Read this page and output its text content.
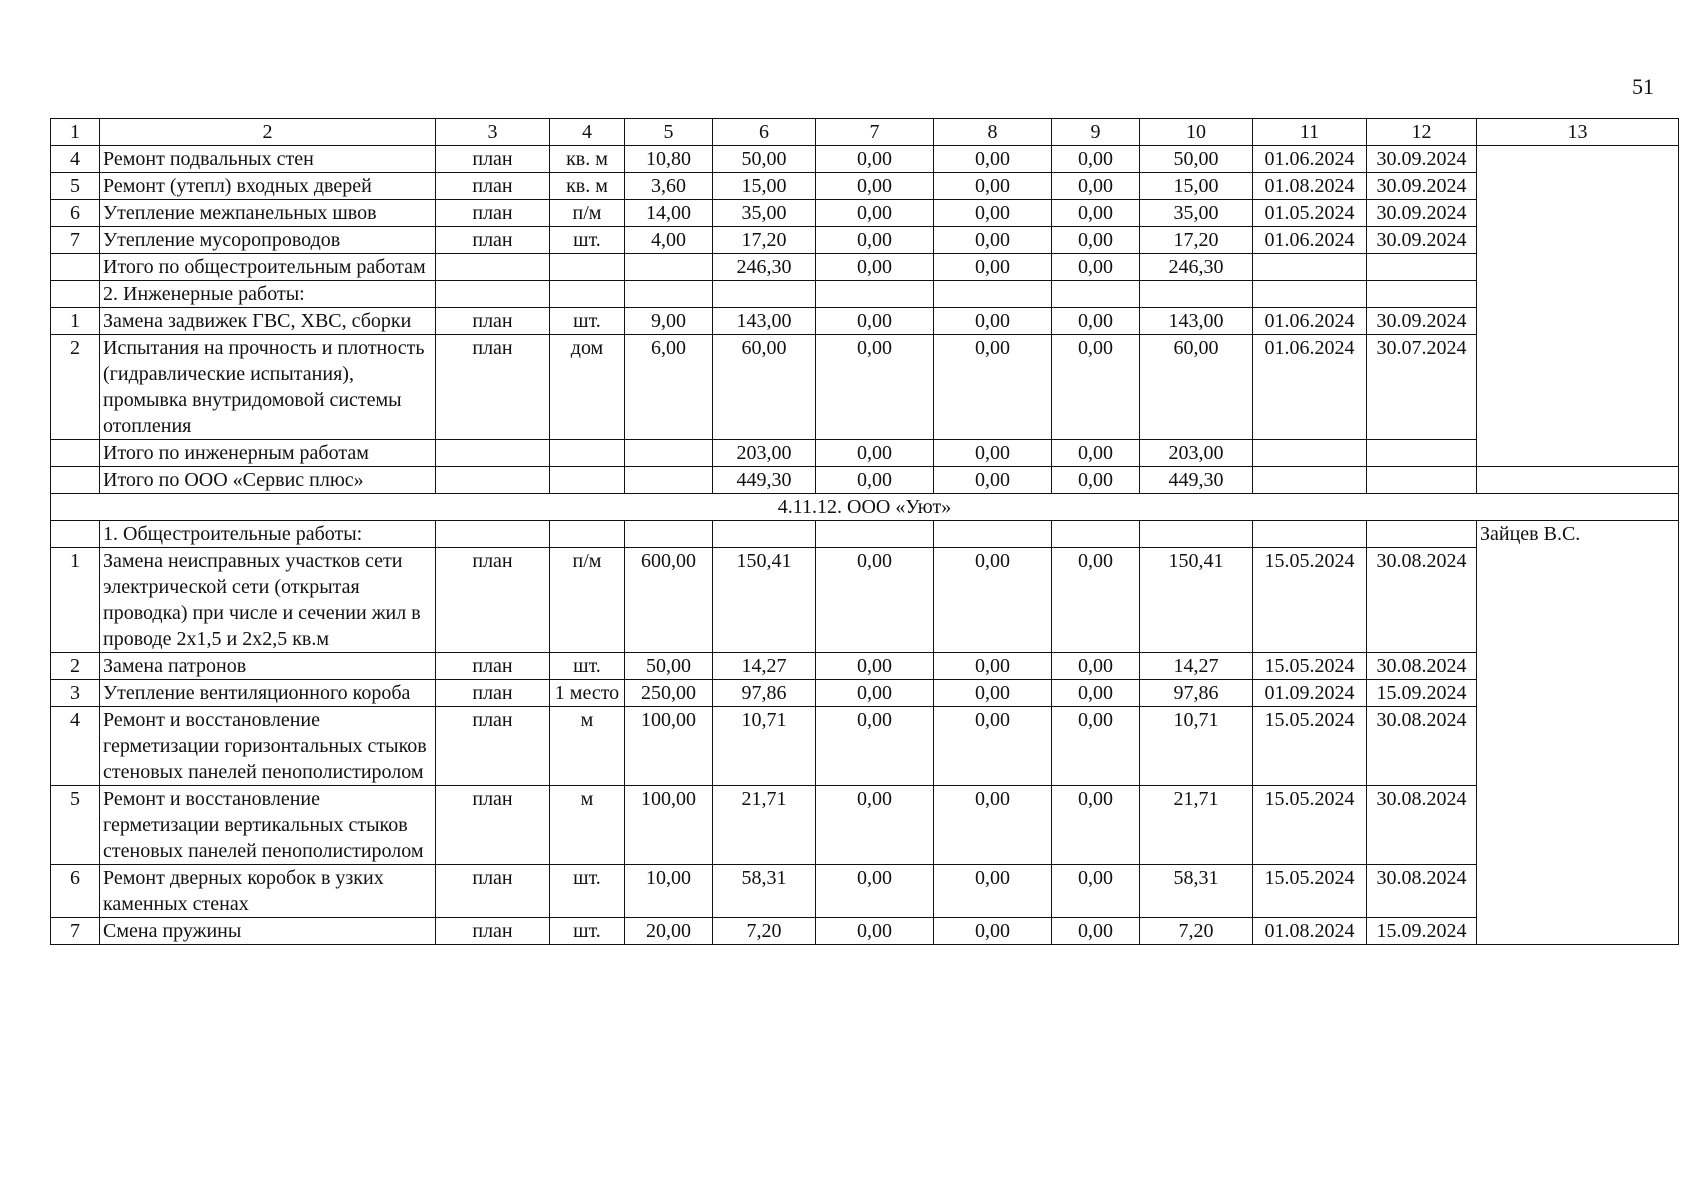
51
1	2	3	4	5	6	7	8	9	10	11	12	13
4	Ремонт подвальных стен	план	кв. м	10,80	50,00	0,00	0,00	0,00	50,00	01.06.2024	30.09.2024	
5	Ремонт (утепл) входных дверей	план	кв. м	3,60	15,00	0,00	0,00	0,00	15,00	01.08.2024	30.09.2024	
6	Утепление межпанельных швов	план	п/м	14,00	35,00	0,00	0,00	0,00	35,00	01.05.2024	30.09.2024	
7	Утепление мусоропроводов	план	шт.	4,00	17,20	0,00	0,00	0,00	17,20	01.06.2024	30.09.2024	
	Итого по общестроительным работам				246,30	0,00	0,00	0,00	246,30			
	2. Инженерные работы:											
1	Замена задвижек ГВС, ХВС, сборки	план	шт.	9,00	143,00	0,00	0,00	0,00	143,00	01.06.2024	30.09.2024	
2	Испытания на прочность и плотность (гидравлические испытания), промывка внутридомовой системы отопления	план	дом	6,00	60,00	0,00	0,00	0,00	60,00	01.06.2024	30.07.2024	
	Итого по инженерным работам				203,00	0,00	0,00	0,00	203,00			
	Итого по ООО «Сервис плюс»				449,30	0,00	0,00	0,00	449,30			
4.11.12. ООО «Уют»												
	1. Общестроительные работы:											Зайцев В.С.
1	Замена неисправных участков сети электрической сети (открытая проводка) при числе и сечении жил в проводе 2х1,5 и 2х2,5 кв.м	план	п/м	600,00	150,41	0,00	0,00	0,00	150,41	15.05.2024	30.08.2024	
2	Замена патронов	план	шт.	50,00	14,27	0,00	0,00	0,00	14,27	15.05.2024	30.08.2024	
3	Утепление вентиляционного короба	план	1 место	250,00	97,86	0,00	0,00	0,00	97,86	01.09.2024	15.09.2024	
4	Ремонт и восстановление герметизации горизонтальных стыков стеновых панелей пенополистиролом	план	м	100,00	10,71	0,00	0,00	0,00	10,71	15.05.2024	30.08.2024	
5	Ремонт и восстановление герметизации вертикальных стыков стеновых панелей пенополистиролом	план	м	100,00	21,71	0,00	0,00	0,00	21,71	15.05.2024	30.08.2024	
6	Ремонт дверных коробок в узких каменных стенах	план	шт.	10,00	58,31	0,00	0,00	0,00	58,31	15.05.2024	30.08.2024	
7	Смена пружины	план	шт.	20,00	7,20	0,00	0,00	0,00	7,20	01.08.2024	15.09.2024	
